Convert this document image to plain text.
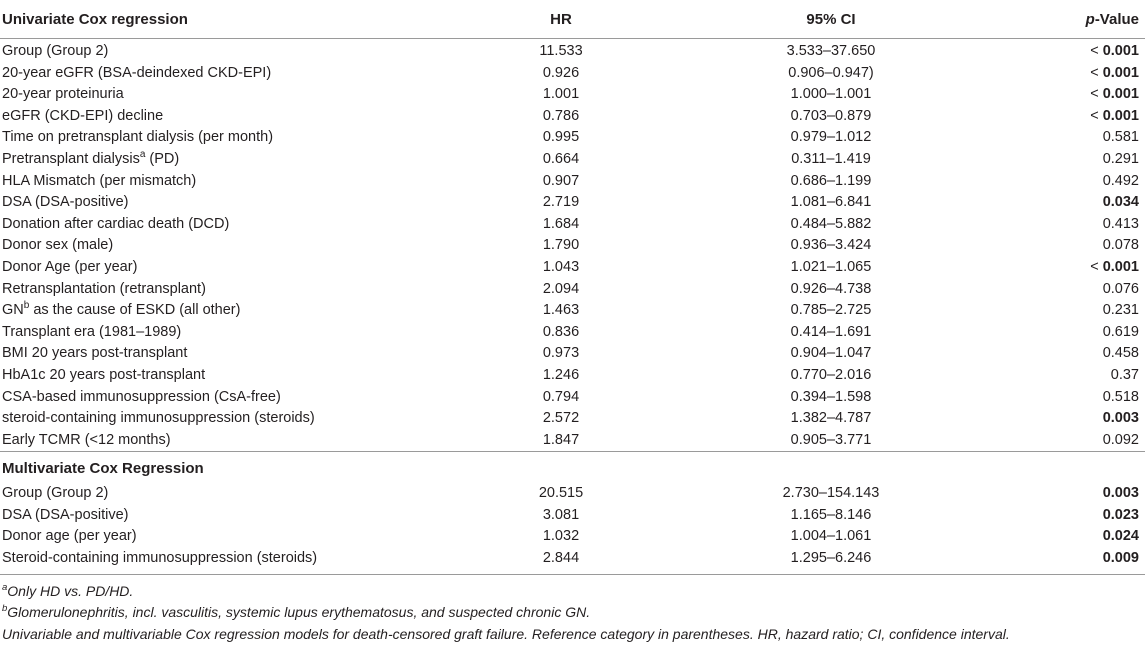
Univariate Cox regression	HR	95% CI	p-Value
Group (Group 2)	11.533	3.533–37.650	< 0.001
20-year eGFR (BSA-deindexed CKD-EPI)	0.926	0.906–0.947)	< 0.001
20-year proteinuria	1.001	1.000–1.001	< 0.001
eGFR (CKD-EPI) decline	0.786	0.703–0.879	< 0.001
Time on pretransplant dialysis (per month)	0.995	0.979–1.012	0.581
Pretransplant dialysis$^a$ (PD)	0.664	0.311–1.419	0.291
HLA Mismatch (per mismatch)	0.907	0.686–1.199	0.492
DSA (DSA-positive)	2.719	1.081–6.841	0.034
Donation after cardiac death (DCD)	1.684	0.484–5.882	0.413
Donor sex (male)	1.790	0.936–3.424	0.078
Donor Age (per year)	1.043	1.021–1.065	< 0.001
Retransplantation (retransplant)	2.094	0.926–4.738	0.076
$GN^b$ as the cause of ESKD (all other)	1.463	0.785–2.725	0.231
Transplant era (1981–1989)	0.836	0.414–1.691	0.619
BMI 20 years post-transplant	0.973	0.904–1.047	0.458
HbA1c 20 years post-transplant	1.246	0.770–2.016	0.37
CSA-based immunosuppression (CsA-free)	0.794	0.394–1.598	0.518
steroid-containing immunosuppression (steroids)	2.572	1.382–4.787	0.003
Early TCMR (<12 months)	1.847	0.905–3.771	0.092
Multivariate Cox Regression			
Group (Group 2)	20.515	2.730–154.143	0.003
DSA (DSA-positive)	3.081	1.165–8.146	0.023
Donor age (per year)	1.032	1.004–1.061	0.024
Steroid-containing immunosuppression (steroids)	2.844	1.295–6.246	0.009
$^a$Only HD vs. PD/HD.
$^b$Glomerulonephritis, incl. vasculitis, systemic lupus erythematosus, and suspected chronic GN.
Univariable and multivariable Cox regression models for death-censored graft failure. Reference category in parentheses. HR, hazard ratio; CI, confidence interval.
